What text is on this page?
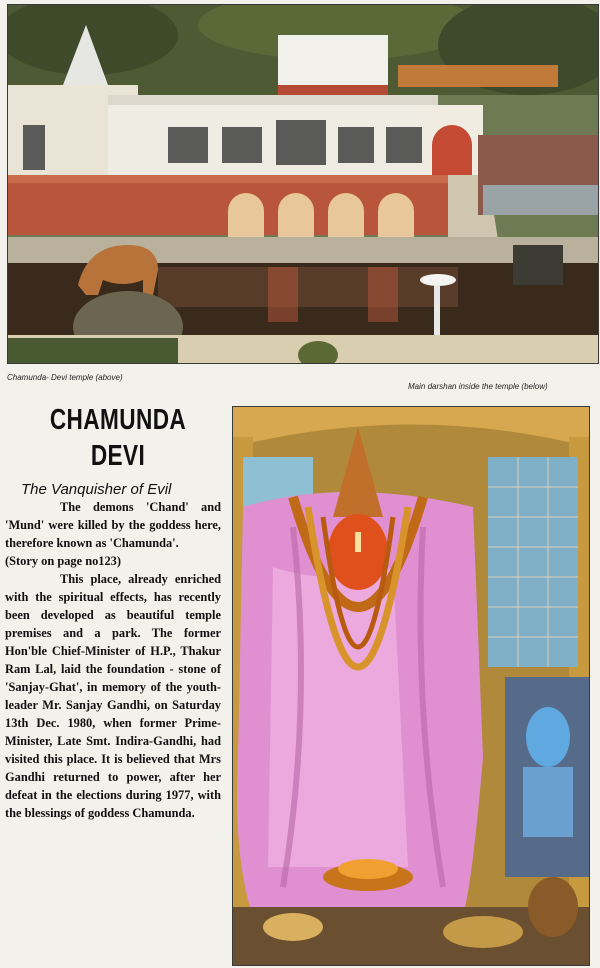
Chamunda- Devi temple (above)
Main darshan inside the temple (below)
CHAMUNDA
DEVI
The Vanquisher of Evil

The demons 'Chand' and 'Mund' were killed by the goddess here, therefore known as 'Chamunda'.

(Story on page no123)

This place, already enriched with the spiritual effects, has recently been developed as beautiful temple premises and a park. The former Hon'ble Chief-Minister of H.P., Thakur Ram Lal, laid the foundation - stone of 'Sanjay-Ghat', in memory of the youth- leader Mr. Sanjay Gandhi, on Saturday 13th Dec. 1980, when former Prime- Minister, Late Smt. Indira-Gandhi, had visited this place. It is believed that Mrs Gandhi returned to power, after her defeat in the elections during 1977, with the blessings of goddess Chamunda.
